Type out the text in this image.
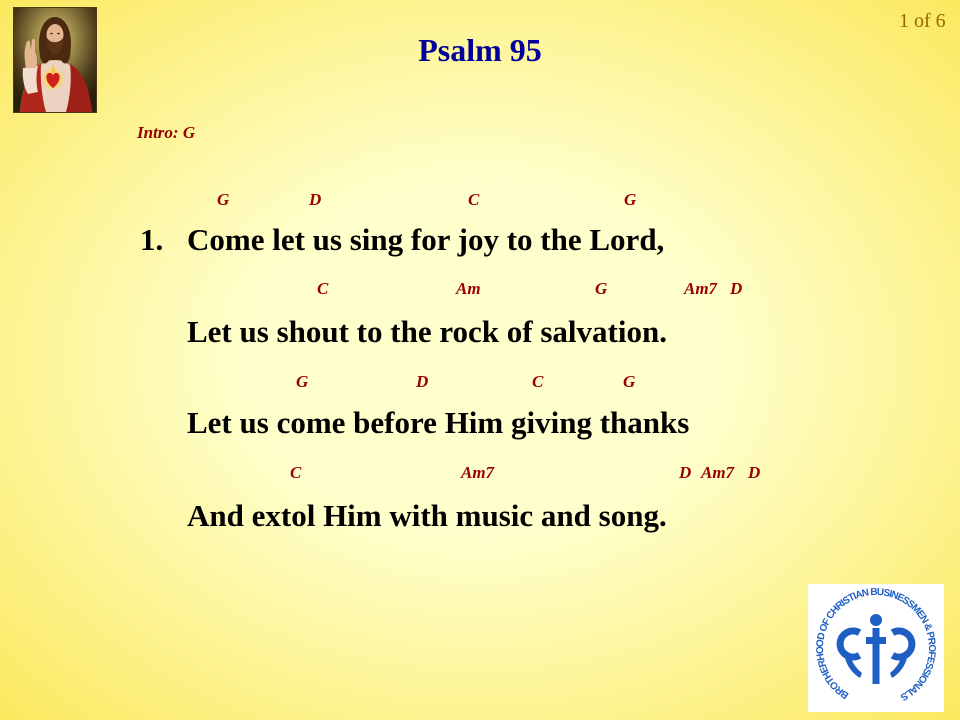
1 of 6
Psalm 95
Intro: G
G	D	C	G
1. Come let us sing for joy to the Lord,
C	Am	G	Am7 D
Let us shout to the rock of salvation.
G	D	C	G
Let us come before Him giving thanks
C	Am7	D Am7 D
And extol Him with music and song.
BROTHERHOOD OF CHRISTIAN BUSINESSMEN & PROFESSIONALS
